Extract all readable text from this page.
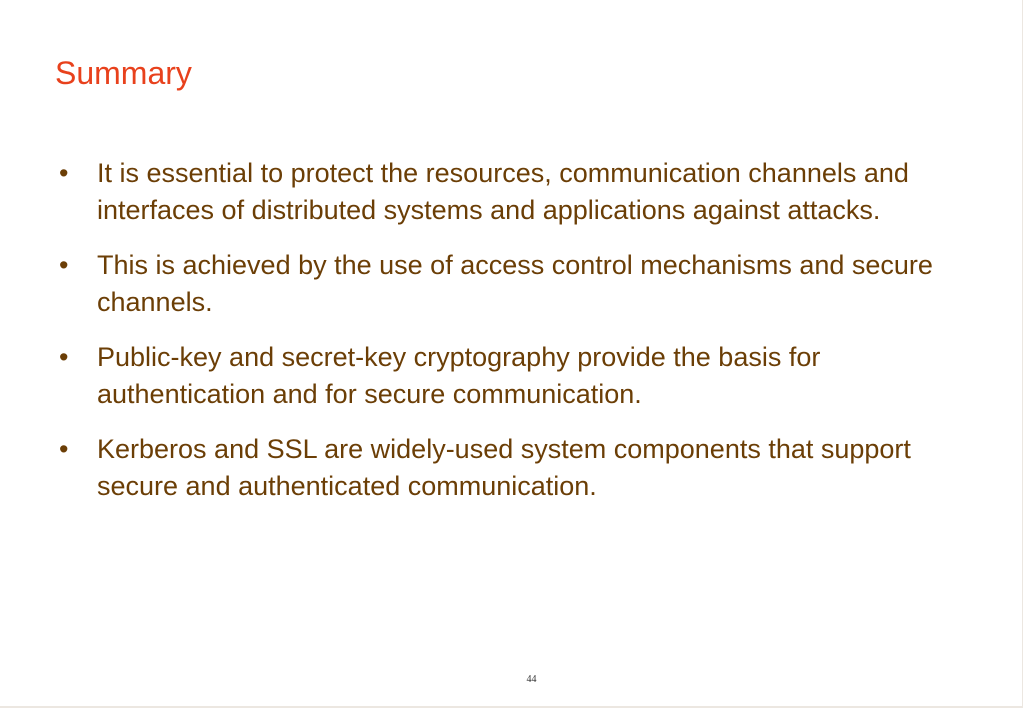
Summary
•	It is essential to protect the resources, communication channels and interfaces of distributed systems and applications against attacks.
•	This is achieved by the use of access control mechanisms and secure channels.
•	Public-key and secret-key cryptography provide the basis for authentication and for secure communication.
•	Kerberos and SSL are widely-used system components that support secure and authenticated communication.
44
